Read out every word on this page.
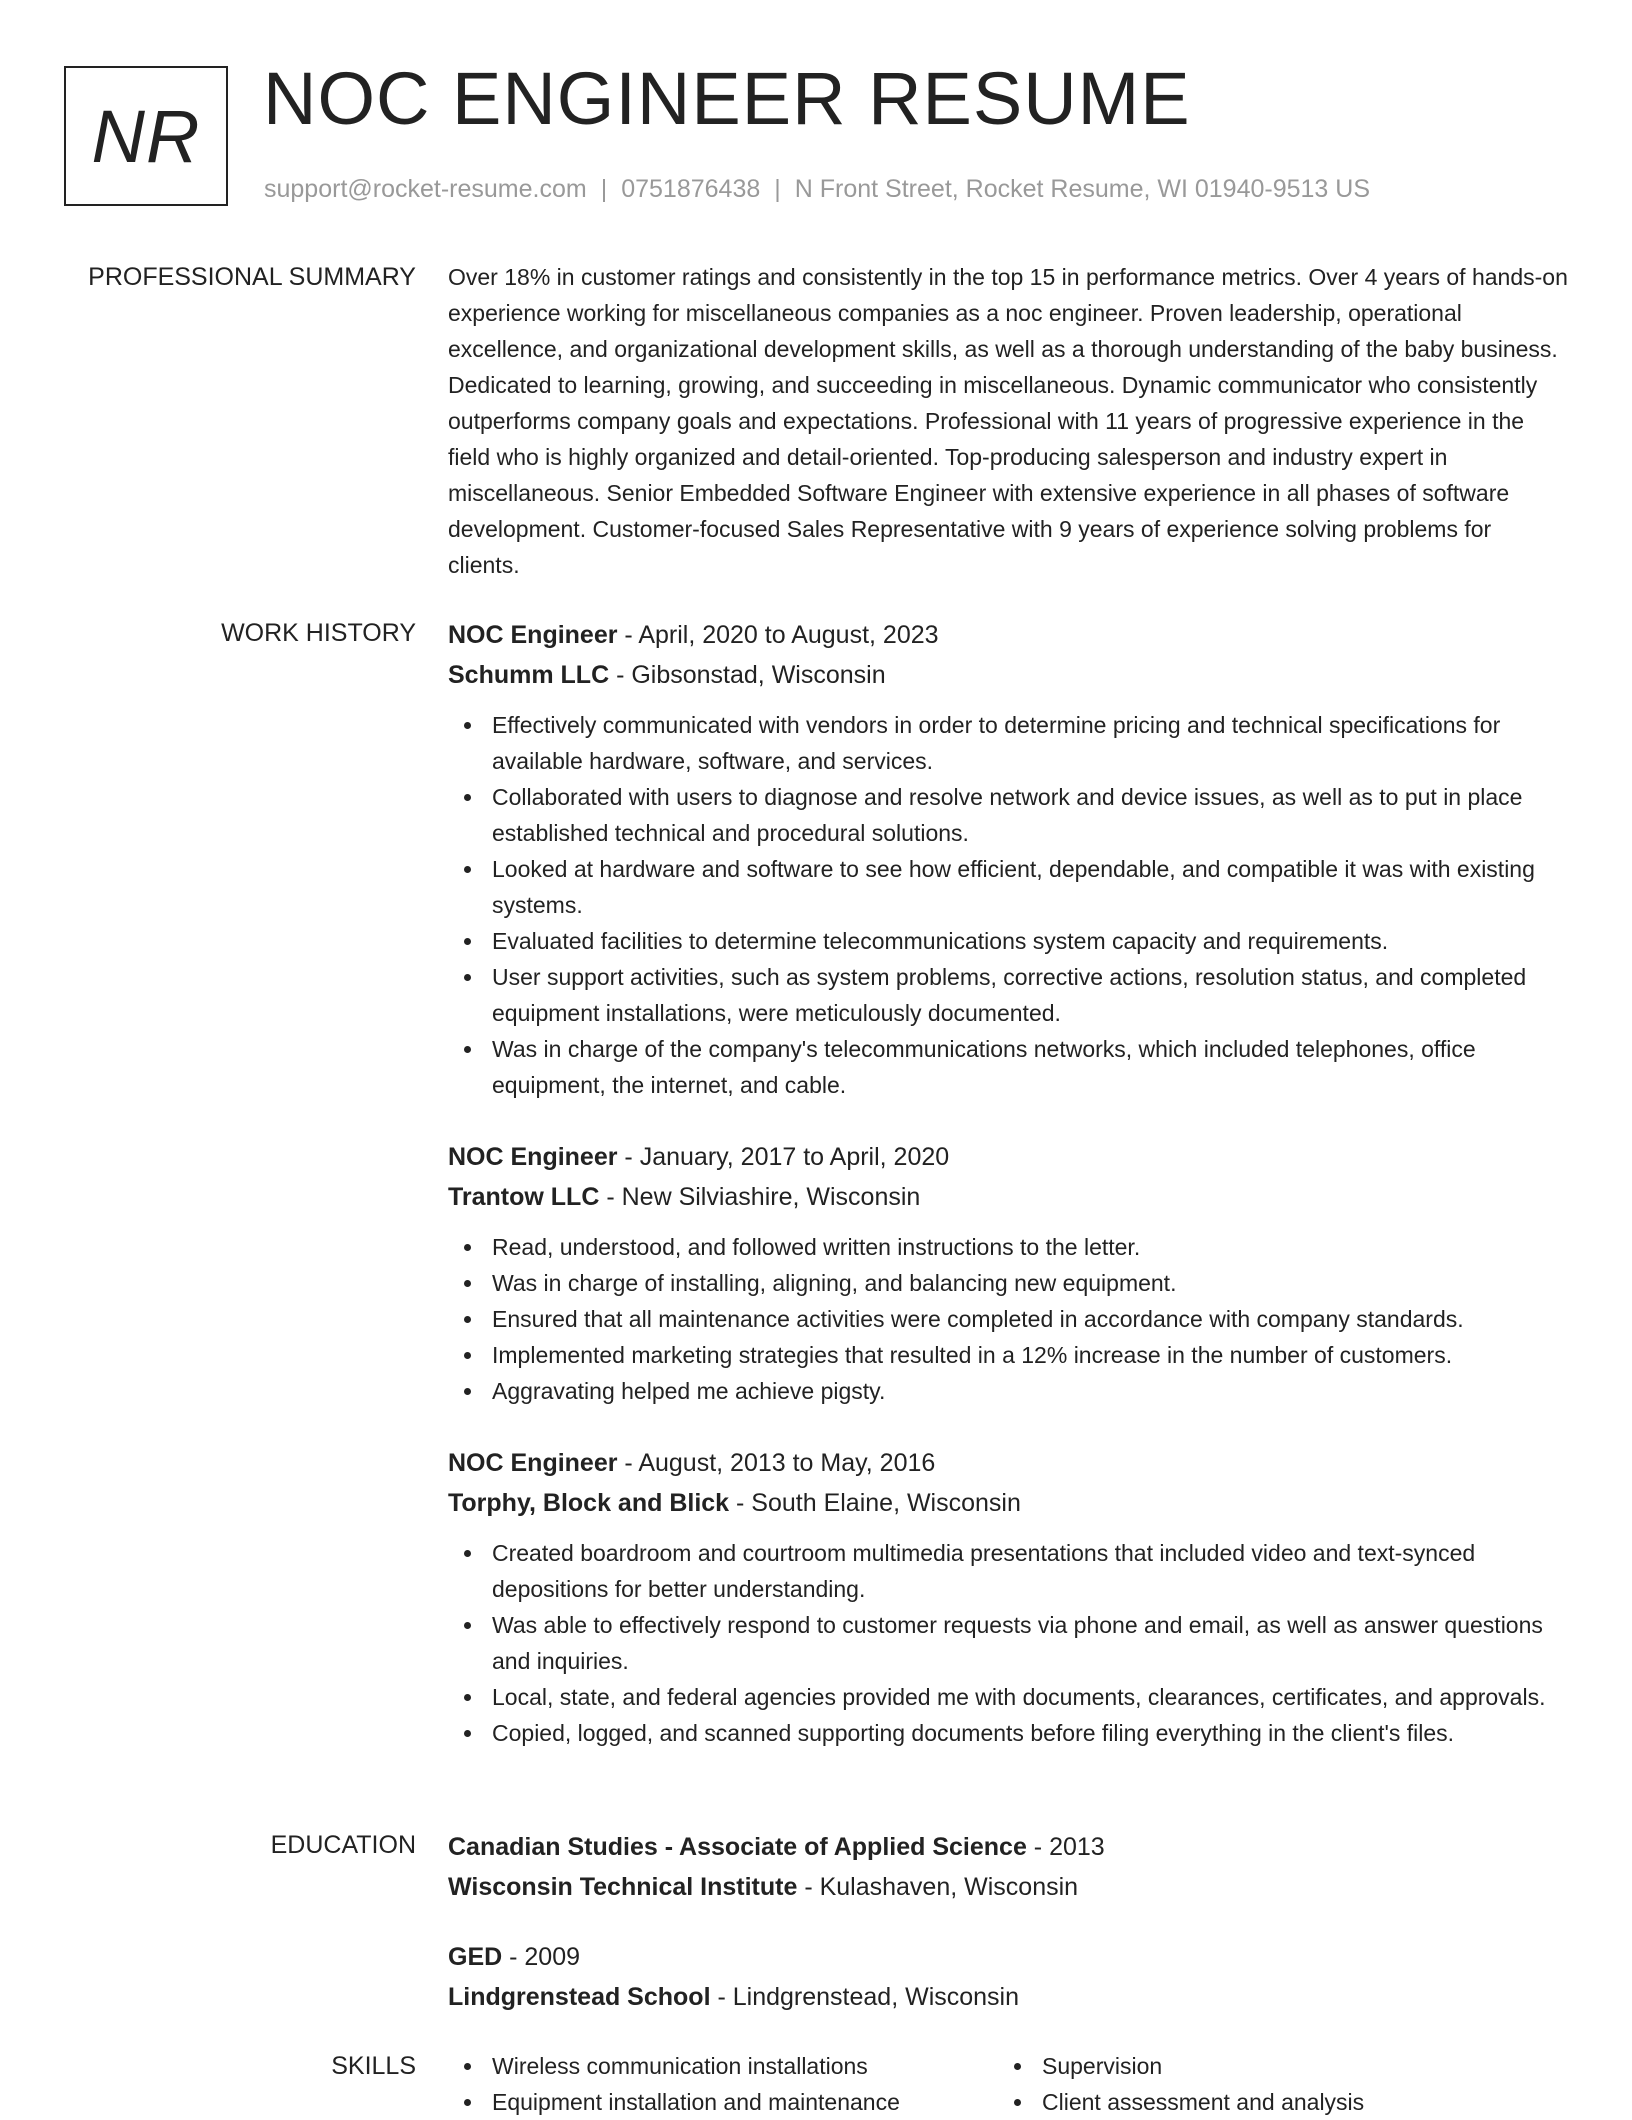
NR NOC ENGINEER RESUME
support@rocket-resume.com | 0751876438 | N Front Street, Rocket Resume, WI 01940-9513 US
PROFESSIONAL SUMMARY Over 18% in customer ratings and consistently in the top 15 in performance metrics. Over 4 years of hands-on experience working for miscellaneous companies as a noc engineer. Proven leadership, operational excellence, and organizational development skills, as well as a thorough understanding of the baby business. Dedicated to learning, growing, and succeeding in miscellaneous. Dynamic communicator who consistently outperforms company goals and expectations. Professional with 11 years of progressive experience in the field who is highly organized and detail-oriented. Top-producing salesperson and industry expert in miscellaneous. Senior Embedded Software Engineer with extensive experience in all phases of software development. Customer-focused Sales Representative with 9 years of experience solving problems for clients.

WORK HISTORY NOC Engineer - April, 2020 to August, 2023
Schumm LLC - Gibsonstad, Wisconsin
Effectively communicated with vendors in order to determine pricing and technical specifications for available hardware, software, and services.
Collaborated with users to diagnose and resolve network and device issues, as well as to put in place established technical and procedural solutions.
Looked at hardware and software to see how efficient, dependable, and compatible it was with existing systems.
Evaluated facilities to determine telecommunications system capacity and requirements.
User support activities, such as system problems, corrective actions, resolution status, and completed equipment installations, were meticulously documented.
Was in charge of the company's telecommunications networks, which included telephones, office equipment, the internet, and cable.
NOC Engineer - January, 2017 to April, 2020
Trantow LLC - New Silviashire, Wisconsin
Read, understood, and followed written instructions to the letter.
Was in charge of installing, aligning, and balancing new equipment.
Ensured that all maintenance activities were completed in accordance with company standards.
Implemented marketing strategies that resulted in a 12% increase in the number of customers.
Aggravating helped me achieve pigsty.
NOC Engineer - August, 2013 to May, 2016
Torphy, Block and Blick - South Elaine, Wisconsin
Created boardroom and courtroom multimedia presentations that included video and text-synced depositions for better understanding.
Was able to effectively respond to customer requests via phone and email, as well as answer questions and inquiries.
Local, state, and federal agencies provided me with documents, clearances, certificates, and approvals.
Copied, logged, and scanned supporting documents before filing everything in the client's files.
EDUCATION Canadian Studies - Associate of Applied Science - 2013
Wisconsin Technical Institute - Kulashaven, Wisconsin
GED - 2009
Lindgrenstead School - Lindgrenstead, Wisconsin
SKILLS	Wireless communication installations	Supervision
Equipment installation and maintenance	Client assessment and analysis
